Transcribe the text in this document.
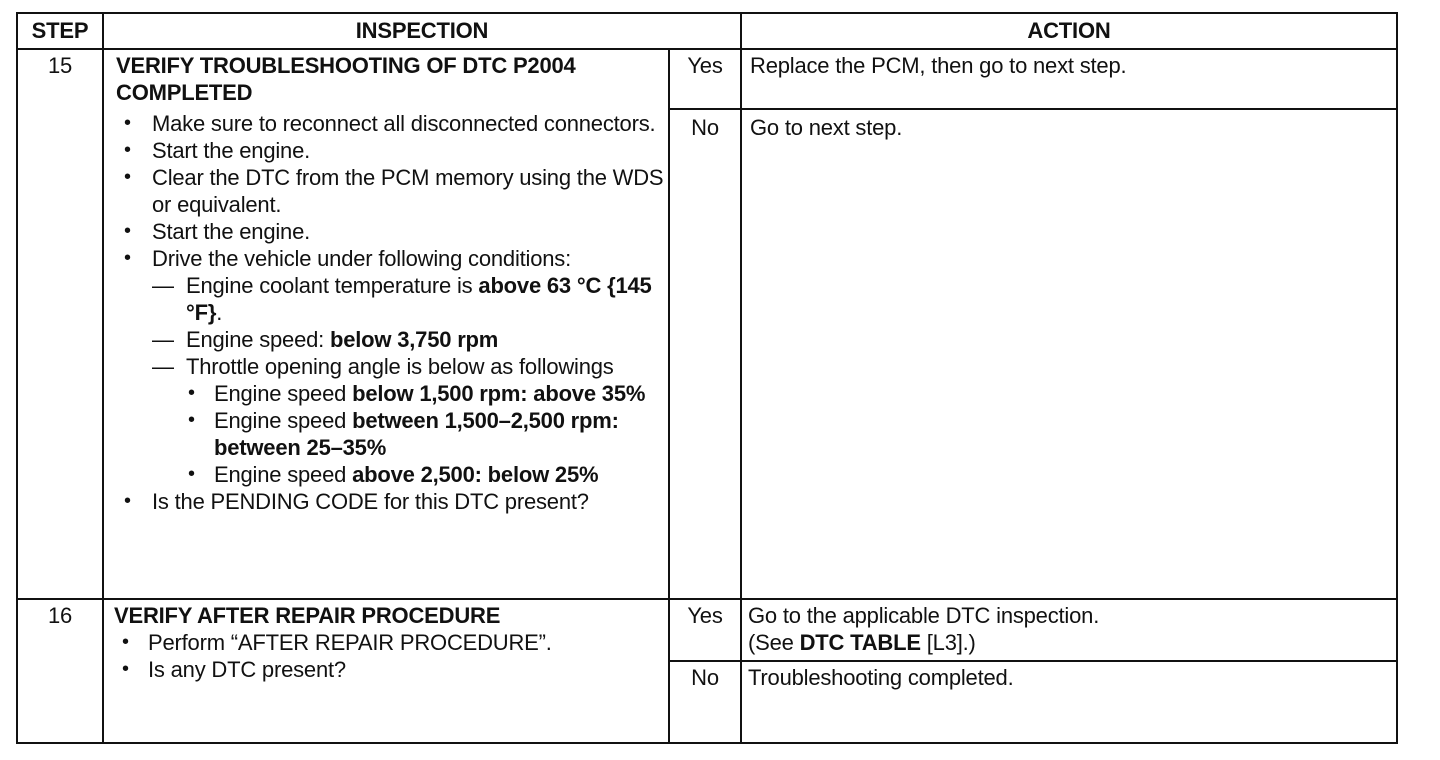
STEP	INSPECTION	ACTION
15	VERIFY TROUBLESHOOTING OF DTC P2004
COMPLETED
• Make sure to reconnect all disconnected connectors.
• Start the engine.
• Clear the DTC from the PCM memory using the WDS or equivalent.
• Start the engine.
• Drive the vehicle under following conditions:
— Engine coolant temperature is above 63 °C {145 °F}.
— Engine speed: below 3,750 rpm
— Throttle opening angle is below as followings
• Engine speed below 1,500 rpm: above 35%
• Engine speed between 1,500–2,500 rpm: between 25–35%
• Engine speed above 2,500: below 25%
• Is the PENDING CODE for this DTC present?
Yes	Replace the PCM, then go to next step.
No	Go to next step.
16	VERIFY AFTER REPAIR PROCEDURE
• Perform “AFTER REPAIR PROCEDURE”.
• Is any DTC present?
Yes	Go to the applicable DTC inspection.
(See DTC TABLE [L3].)
No	Troubleshooting completed.
